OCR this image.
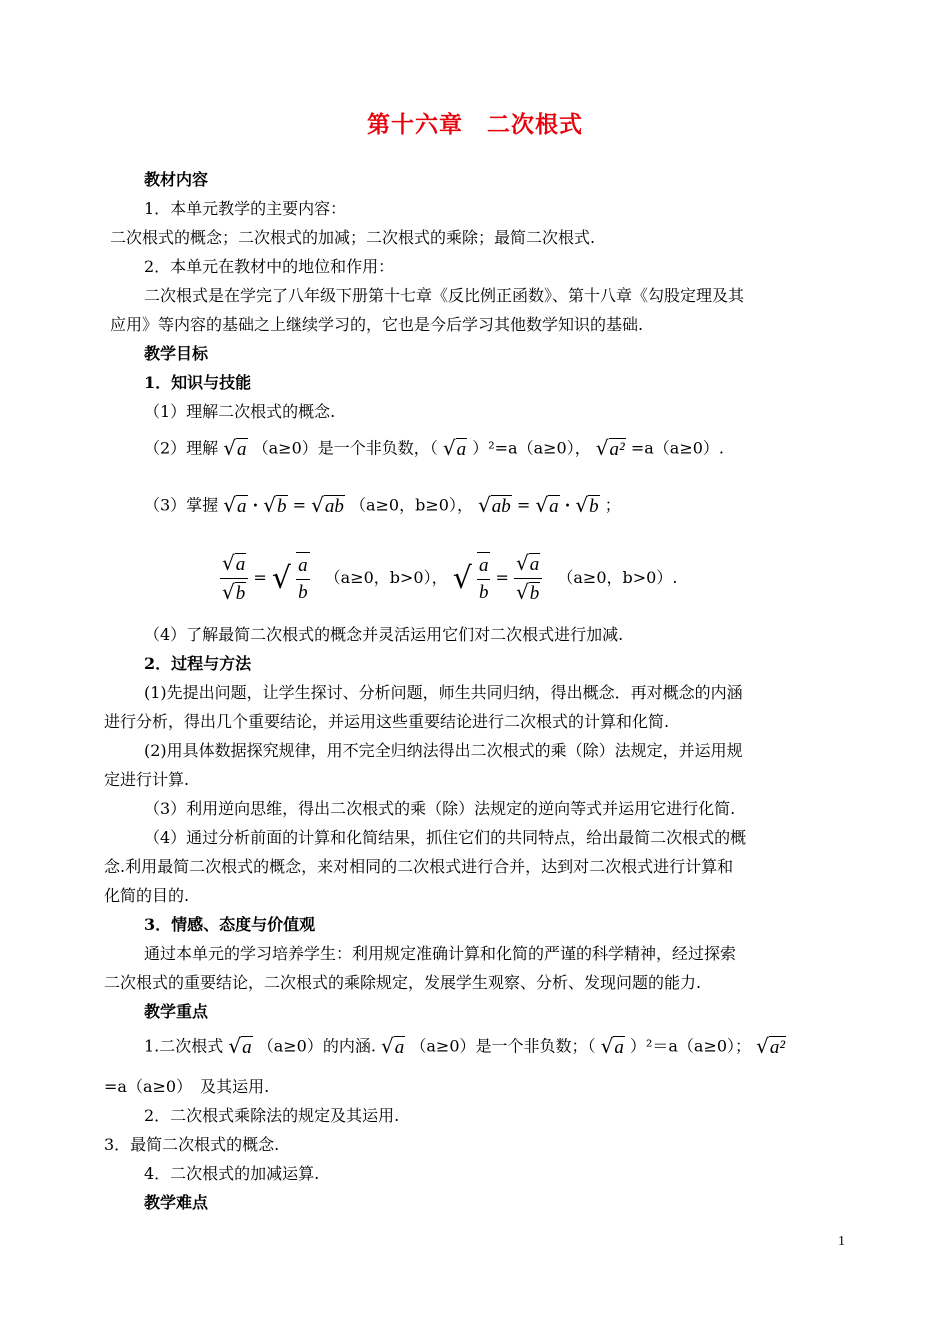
第十六章　二次根式
教材内容
1．本单元教学的主要内容：
二次根式的概念；二次根式的加减；二次根式的乘除；最简二次根式.
2．本单元在教材中的地位和作用：
二次根式是在学完了八年级下册第十七章《反比例正函数》、第十八章《勾股定理及其
应用》等内容的基础之上继续学习的，它也是今后学习其他数学知识的基础.
教学目标
1．知识与技能
（1）理解二次根式的概念.
（2）理解 √a （a≥0）是一个非负数，（ √a ）²=a（a≥0）， √a² =a（a≥0）.
（3）掌握 √a · √b = √ab （a≥0，b≥0）， √ab = √a · √b ；
$\frac{√a}{√b}$ = √ $\frac{a}{b} (a\ge 0$，b>0）， √ $\frac{a}{b} = \frac{√a}{√b} (a\ge 0$，b>0）.
（4）了解最简二次根式的概念并灵活运用它们对二次根式进行加减.
2．过程与方法
(1)先提出问题，让学生探讨、分析问题，师生共同归纳，得出概念．再对概念的内涵
进行分析，得出几个重要结论，并运用这些重要结论进行二次根式的计算和化简.
(2)用具体数据探究规律，用不完全归纳法得出二次根式的乘（除）法规定，并运用规
定进行计算.
（3）利用逆向思维，得出二次根式的乘（除）法规定的逆向等式并运用它进行化简.
（4）通过分析前面的计算和化简结果，抓住它们的共同特点，给出最简二次根式的概
念.利用最简二次根式的概念，来对相同的二次根式进行合并，达到对二次根式进行计算和
化简的目的.
3．情感、态度与价值观
通过本单元的学习培养学生：利用规定准确计算和化简的严谨的科学精神，经过探索
二次根式的重要结论，二次根式的乘除规定，发展学生观察、分析、发现问题的能力.
教学重点
1.二次根式 √a （a≥0）的内涵. √a （a≥0）是一个非负数；（ √a ）²＝a（a≥0）； √a²
=a（a≥0）　及其运用.
2．二次根式乘除法的规定及其运用.
3．最简二次根式的概念.
4．二次根式的加减运算.
教学难点
1
